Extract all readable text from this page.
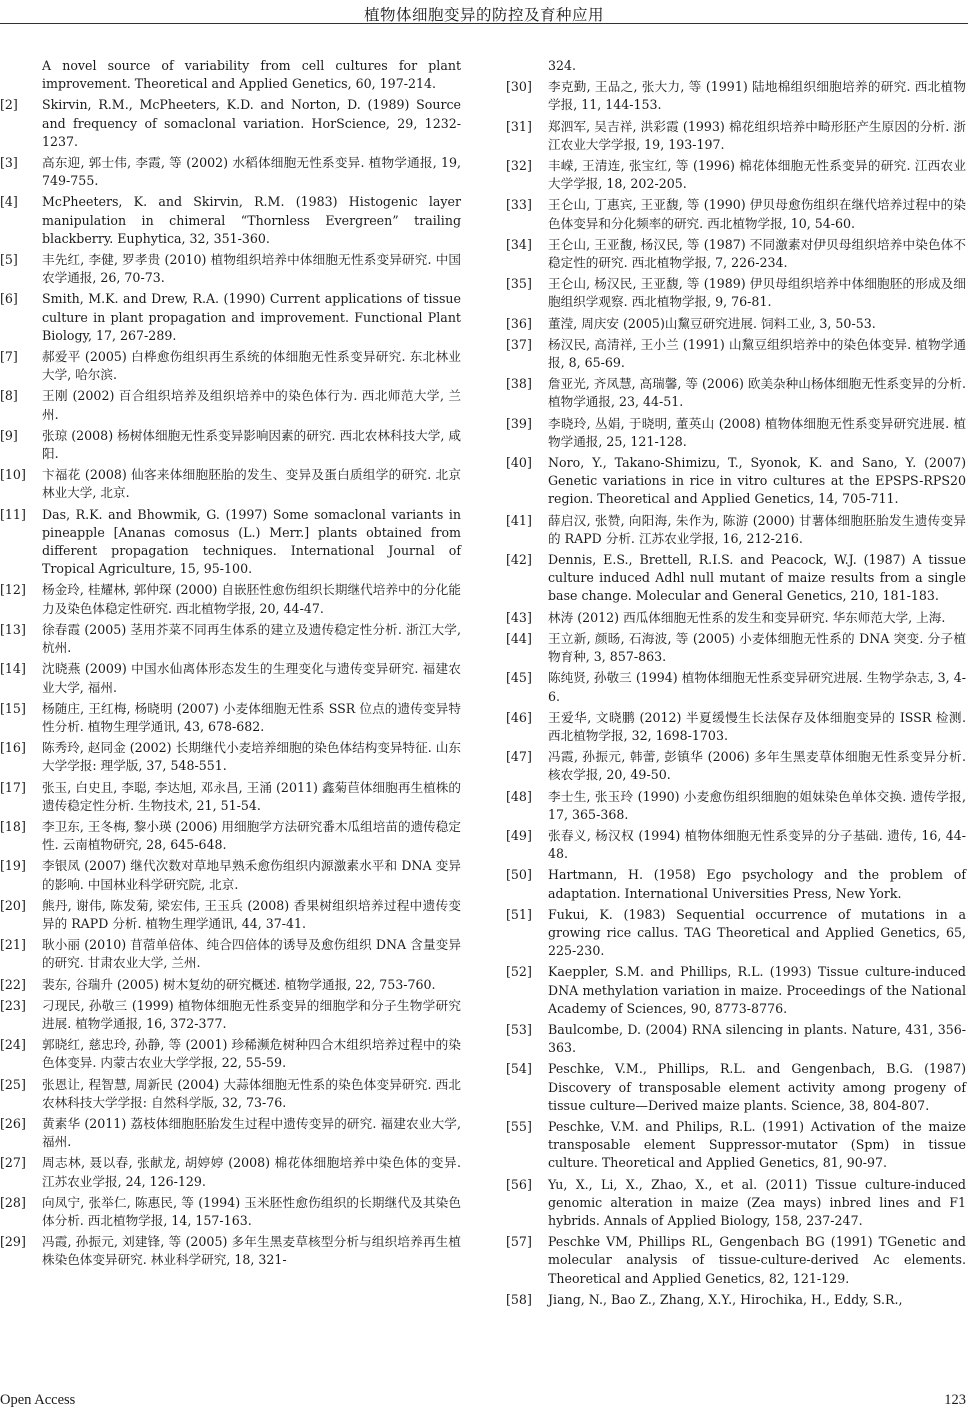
植物体细胞变异的防控及育种应用
A novel source of variability from cell cultures for plant improvement. Theoretical and Applied Genetics, 60, 197-214.
[2]	Skirvin, R.M., McPheeters, K.D. and Norton, D. (1989) Source and frequency of somaclonal variation. HorScience, 29, 1232-1237.
[3]	高东迎, 郭士伟, 李霞, 等 (2002) 水稻体细胞无性系变异. 植物学通报, 19, 749-755.
[4]	McPheeters, K. and Skirvin, R.M. (1983) Histogenic layer manipulation in chimeral “Thornless Evergreen” trailing blackberry. Euphytica, 32, 351-360.
[5]	丰先红, 李健, 罗孝贵 (2010) 植物组织培养中体细胞无性系变异研究. 中国农学通报, 26, 70-73.
[6]	Smith, M.K. and Drew, R.A. (1990) Current applications of tissue culture in plant propagation and improvement. Functional Plant Biology, 17, 267-289.
[7]	郝爱平 (2005) 白桦愈伤组织再生系统的体细胞无性系变异研究. 东北林业大学, 哈尔滨.
[8]	王刚 (2002) 百合组织培养及组织培养中的染色体行为. 西北师范大学, 兰州.
[9]	张琼 (2008) 杨树体细胞无性系变异影响因素的研究. 西北农林科技大学, 咸阳.
[10]	卞福花 (2008) 仙客来体细胞胚胎的发生、变异及蛋白质组学的研究. 北京林业大学, 北京.
[11]	Das, R.K. and Bhowmik, G. (1997) Some somaclonal variants in pineapple [Ananas comosus (L.) Merr.] plants obtained from different propagation techniques. International Journal of Tropical Agriculture, 15, 95-100.
[12]	杨金玲, 桂耀林, 郭仲琛 (2000) 自嵌胚性愈伤组织长期继代培养中的分化能力及染色体稳定性研究. 西北植物学报, 20, 44-47.
[13]	徐春霞 (2005) 茎用芥菜不同再生体系的建立及遗传稳定性分析. 浙江大学, 杭州.
[14]	沈晓燕 (2009) 中国水仙离体形态发生的生理变化与遗传变异研究. 福建农业大学, 福州.
[15]	杨随庄, 王红梅, 杨晓明 (2007) 小麦体细胞无性系 SSR 位点的遗传变异特性分析. 植物生理学通讯, 43, 678-682.
[16]	陈秀玲, 赵同金 (2002) 长期继代小麦培养细胞的染色体结构变异特征. 山东大学学报: 理学版, 37, 548-551.
[17]	张玉, 白史且, 李聪, 李达旭, 邓永昌, 王涌 (2011) 鑫菊苣体细胞再生植株的遗传稳定性分析. 生物技术, 21, 51-54.
[18]	李卫东, 王冬梅, 黎小瑛 (2006) 用细胞学方法研究番木瓜组培苗的遗传稳定性. 云南植物研究, 28, 645-648.
[19]	李银凤 (2007) 继代次数对草地早熟禾愈伤组织内源激素水平和 DNA 变异的影响. 中国林业科学研究院, 北京.
[20]	熊丹, 谢伟, 陈发菊, 梁宏伟, 王玉兵 (2008) 香果树组织培养过程中遗传变异的 RAPD 分析. 植物生理学通讯, 44, 37-41.
[21]	耿小丽 (2010) 苜蓿单倍体、纯合四倍体的诱导及愈伤组织 DNA 含量变异的研究. 甘肃农业大学, 兰州.
[22]	裴东, 谷瑞升 (2005) 树木复幼的研究概述. 植物学通报, 22, 753-760.
[23]	刁现民, 孙敬三 (1999) 植物体细胞无性系变异的细胞学和分子生物学研究进展. 植物学通报, 16, 372-377.
[24]	郭晓红, 慈忠玲, 孙静, 等 (2001) 珍稀濒危树种四合木组织培养过程中的染色体变异. 内蒙古农业大学学报, 22, 55-59.
[25]	张恩让, 程智慧, 周新民 (2004) 大蒜体细胞无性系的染色体变异研究. 西北农林科技大学学报: 自然科学版, 32, 73-76.
[26]	黄素华 (2011) 荔枝体细胞胚胎发生过程中遗传变异的研究. 福建农业大学, 福州.
[27]	周志林, 聂以春, 张献龙, 胡婷婷 (2008) 棉花体细胞培养中染色体的变异. 江苏农业学报, 24, 126-129.
[28]	向凤宁, 张举仁, 陈惠民, 等 (1994) 玉米胚性愈伤组织的长期继代及其染色体分析. 西北植物学报, 14, 157-163.
[29]	冯霞, 孙振元, 刘建锋, 等 (2005) 多年生黑麦草核型分析与组织培养再生植株染色体变异研究. 林业科学研究, 18, 321-
324.
[30]	李克勤, 王品之, 张大力, 等 (1991) 陆地棉组织细胞培养的研究. 西北植物学报, 11, 144-153.
[31]	郑泗军, 吴吉祥, 洪彩霞 (1993) 棉花组织培养中畸形胚产生原因的分析. 浙江农业大学学报, 19, 193-197.
[32]	丰嵘, 王清连, 张宝红, 等 (1996) 棉花体细胞无性系变异的研究. 江西农业大学学报, 18, 202-205.
[33]	王仑山, 丁惠宾, 王亚馥, 等 (1990) 伊贝母愈伤组织在继代培养过程中的染色体变异和分化频率的研究. 西北植物学报, 10, 54-60.
[34]	王仑山, 王亚馥, 杨汉民, 等 (1987) 不同激素对伊贝母组织培养中染色体不稳定性的研究. 西北植物学报, 7, 226-234.
[35]	王仑山, 杨汉民, 王亚馥, 等 (1989) 伊贝母组织培养中体细胞胚的形成及细胞组织学观察. 西北植物学报, 9, 76-81.
[36]	董滢, 周庆安 (2005)山黧豆研究进展. 饲料工业, 3, 50-53.
[37]	杨汉民, 高清祥, 王小兰 (1991) 山黧豆组织培养中的染色体变异. 植物学通报, 8, 65-69.
[38]	詹亚光, 齐凤慧, 高瑞馨, 等 (2006) 欧美杂种山杨体细胞无性系变异的分析. 植物学通报, 23, 44-51.
[39]	李晓玲, 丛娟, 于晓明, 董英山 (2008) 植物体细胞无性系变异研究进展. 植物学通报, 25, 121-128.
[40]	Noro, Y., Takano-Shimizu, T., Syonok, K. and Sano, Y. (2007) Genetic variations in rice in vitro cultures at the EPSPS-RPS20 region. Theoretical and Applied Genetics, 14, 705-711.
[41]	薛启汉, 张赞, 向阳海, 朱作为, 陈游 (2000) 甘薯体细胞胚胎发生遗传变异的 RAPD 分析. 江苏农业学报, 16, 212-216.
[42]	Dennis, E.S., Brettell, R.I.S. and Peacock, W.J. (1987) A tissue culture induced Adhl null mutant of maize results from a single base change. Molecular and General Genetics, 210, 181-183.
[43]	林涛 (2012) 西瓜体细胞无性系的发生和变异研究. 华东师范大学, 上海.
[44]	王立新, 颜旸, 石海波, 等 (2005) 小麦体细胞无性系的 DNA 突变. 分子植物育种, 3, 857-863.
[45]	陈纯贤, 孙敬三 (1994) 植物体细胞无性系变异研究进展. 生物学杂志, 3, 4-6.
[46]	王爱华, 文晓鹏 (2012) 半夏缓慢生长法保存及体细胞变异的 ISSR 检测. 西北植物学报, 32, 1698-1703.
[47]	冯霞, 孙振元, 韩蕾, 彭镇华 (2006) 多年生黑麦草体细胞无性系变异分析. 核农学报, 20, 49-50.
[48]	李士生, 张玉玲 (1990) 小麦愈伤组织细胞的姐妹染色单体交换. 遗传学报, 17, 365-368.
[49]	张春义, 杨汉权 (1994) 植物体细胞无性系变异的分子基础. 遗传, 16, 44-48.
[50]	Hartmann, H. (1958) Ego psychology and the problem of adaptation. International Universities Press, New York.
[51]	Fukui, K. (1983) Sequential occurrence of mutations in a growing rice callus. TAG Theoretical and Applied Genetics, 65, 225-230.
[52]	Kaeppler, S.M. and Phillips, R.L. (1993) Tissue culture-induced DNA methylation variation in maize. Proceedings of the National Academy of Sciences, 90, 8773-8776.
[53]	Baulcombe, D. (2004) RNA silencing in plants. Nature, 431, 356-363.
[54]	Peschke, V.M., Phillips, R.L. and Gengenbach, B.G. (1987) Discovery of transposable element activity among progeny of tissue culture—Derived maize plants. Science, 38, 804-807.
[55]	Peschke, V.M. and Philips, R.L. (1991) Activation of the maize transposable element Suppressor-mutator (Spm) in tissue culture. Theoretical and Applied Genetics, 81, 90-97.
[56]	Yu, X., Li, X., Zhao, X., et al. (2011) Tissue culture-induced genomic alteration in maize (Zea mays) inbred lines and F1 hybrids. Annals of Applied Biology, 158, 237-247.
[57]	Peschke VM, Phillips RL, Gengenbach BG (1991) TGenetic and molecular analysis of tissue-culture-derived Ac elements. Theoretical and Applied Genetics, 82, 121-129.
[58]	Jiang, N., Bao Z., Zhang, X.Y., Hirochika, H., Eddy, S.R.,
Open Access	123
